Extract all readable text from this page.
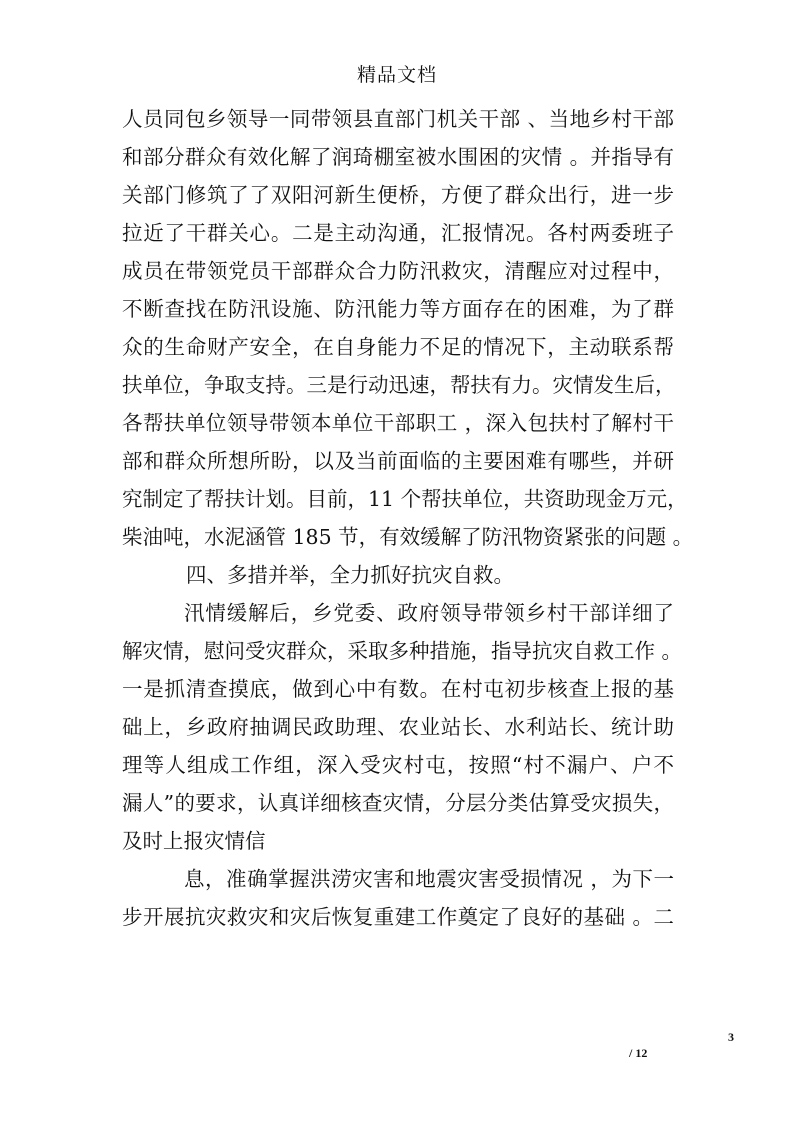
精品文档
人员同包乡领导一同带领县直部门机关干部 、当地乡村干部
和部分群众有效化解了润琦棚室被水围困的灾情 。并指导有
关部门修筑了了双阳河新生便桥，方便了群众出行，进一步
拉近了干群关心。二是主动沟通，汇报情况。各村两委班子
成员在带领党员干部群众合力防汛救灾，清醒应对过程中，
不断查找在防汛设施、防汛能力等方面存在的困难，为了群
众的生命财产安全，在自身能力不足的情况下，主动联系帮
扶单位，争取支持。三是行动迅速，帮扶有力。灾情发生后，
各帮扶单位领导带领本单位干部职工 ，深入包扶村了解村干
部和群众所想所盼，以及当前面临的主要困难有哪些，并研
究制定了帮扶计划。目前，11 个帮扶单位，共资助现金万元，
柴油吨，水泥涵管 185 节，有效缓解了防汛物资紧张的问题 。
四、多措并举，全力抓好抗灾自救。
汛情缓解后，乡党委、政府领导带领乡村干部详细了
解灾情，慰问受灾群众，采取多种措施，指导抗灾自救工作 。
一是抓清查摸底，做到心中有数。在村屯初步核查上报的基
础上，乡政府抽调民政助理、农业站长、水利站长、统计助
理等人组成工作组，深入受灾村屯，按照“村不漏户、户不
漏人”的要求，认真详细核查灾情，分层分类估算受灾损失，
及时上报灾情信
息，准确掌握洪涝灾害和地震灾害受损情况 ，为下一
步开展抗灾救灾和灾后恢复重建工作奠定了良好的基础 。二
3
/ 12
